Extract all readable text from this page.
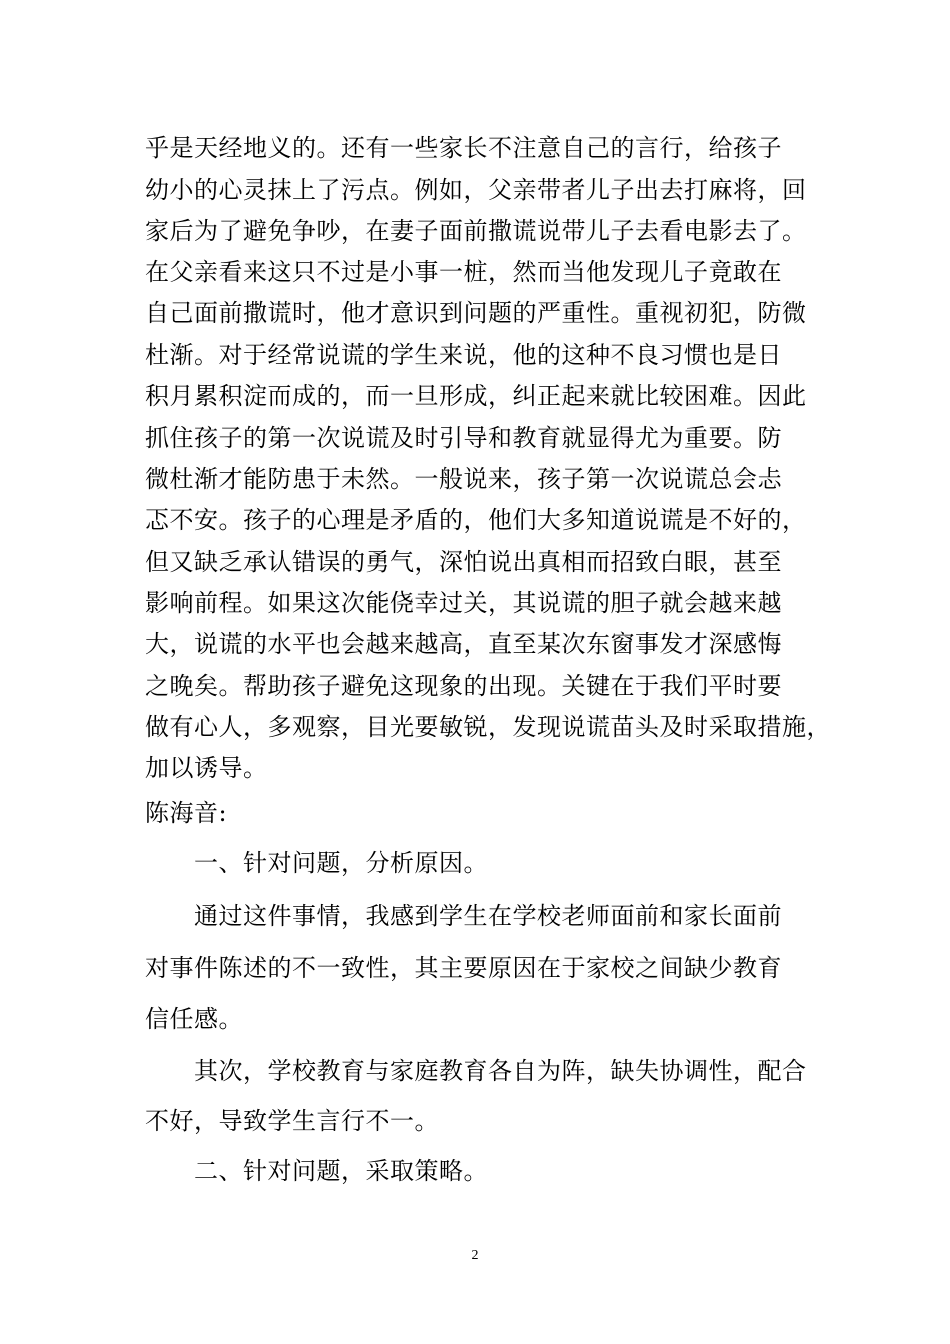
乎是天经地义的。还有一些家长不注意自己的言行，给孩子
幼小的心灵抹上了污点。例如，父亲带者儿子出去打麻将，回
家后为了避免争吵，在妻子面前撒谎说带儿子去看电影去了。
在父亲看来这只不过是小事一桩，然而当他发现儿子竟敢在
自己面前撒谎时，他才意识到问题的严重性。重视初犯，防微
杜渐。对于经常说谎的学生来说，他的这种不良习惯也是日
积月累积淀而成的，而一旦形成，纠正起来就比较困难。因此
抓住孩子的第一次说谎及时引导和教育就显得尤为重要。防
微杜渐才能防患于未然。一般说来，孩子第一次说谎总会忐
忑不安。孩子的心理是矛盾的，他们大多知道说谎是不好的，
但又缺乏承认错误的勇气，深怕说出真相而招致白眼，甚至
影响前程。如果这次能侥幸过关，其说谎的胆子就会越来越
大，说谎的水平也会越来越高，直至某次东窗事发才深感悔
之晚矣。帮助孩子避免这现象的出现。关键在于我们平时要
做有心人，多观察，目光要敏锐，发现说谎苗头及时采取措施，
加以诱导。
陈海音:
一、针对问题，分析原因。
通过这件事情，我感到学生在学校老师面前和家长面前
对事件陈述的不一致性，其主要原因在于家校之间缺少教育
信任感。
其次，学校教育与家庭教育各自为阵，缺失协调性，配合
不好，导致学生言行不一。
二、针对问题，采取策略。
2
